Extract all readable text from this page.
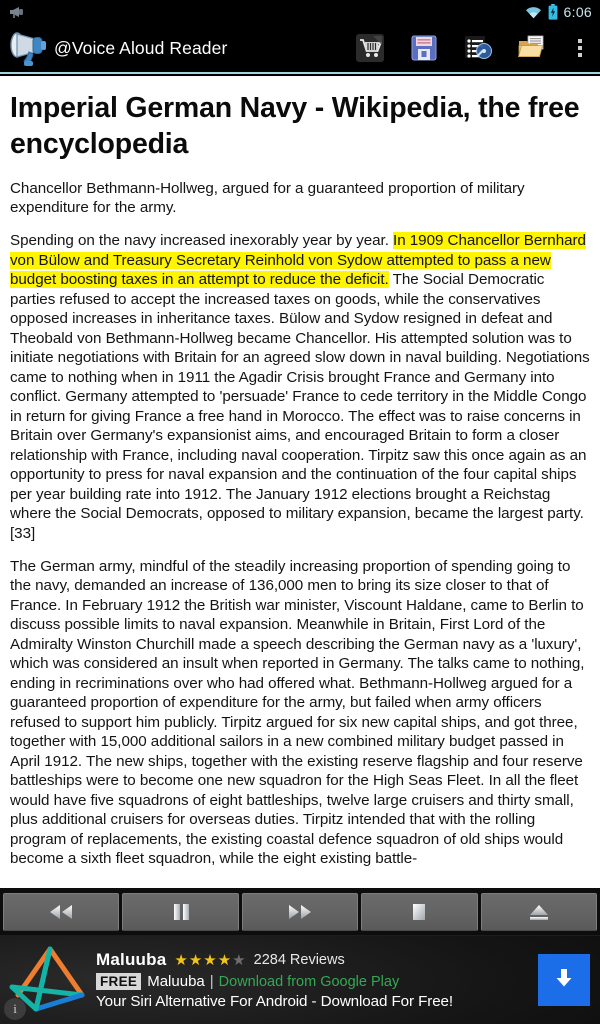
6:06
@Voice Aloud Reader
Imperial German Navy - Wikipedia, the free encyclopedia

Chancellor Bethmann-Hollweg, argued for a guaranteed proportion of military expenditure for the army.

Spending on the navy increased inexorably year by year. In 1909 Chancellor Bernhard von Bülow and Treasury Secretary Reinhold von Sydow attempted to pass a new budget boosting taxes in an attempt to reduce the deficit. The Social Democratic parties refused to accept the increased taxes on goods, while the conservatives opposed increases in inheritance taxes. Bülow and Sydow resigned in defeat and Theobald von Bethmann-Hollweg became Chancellor. His attempted solution was to initiate negotiations with Britain for an agreed slow down in naval building. Negotiations came to nothing when in 1911 the Agadir Crisis brought France and Germany into conflict. Germany attempted to 'persuade' France to cede territory in the Middle Congo in return for giving France a free hand in Morocco. The effect was to raise concerns in Britain over Germany's expansionist aims, and encouraged Britain to form a closer relationship with France, including naval cooperation. Tirpitz saw this once again as an opportunity to press for naval expansion and the continuation of the four capital ships per year building rate into 1912. The January 1912 elections brought a Reichstag where the Social Democrats, opposed to military expansion, became the largest party.[33]

The German army, mindful of the steadily increasing proportion of spending going to the navy, demanded an increase of 136,000 men to bring its size closer to that of France. In February 1912 the British war minister, Viscount Haldane, came to Berlin to discuss possible limits to naval expansion. Meanwhile in Britain, First Lord of the Admiralty Winston Churchill made a speech describing the German navy as a 'luxury', which was considered an insult when reported in Germany. The talks came to nothing, ending in recriminations over who had offered what. Bethmann-Hollweg argued for a guaranteed proportion of expenditure for the army, but failed when army officers refused to support him publicly. Tirpitz argued for six new capital ships, and got three, together with 15,000 additional sailors in a new combined military budget passed in April 1912. The new ships, together with the existing reserve flagship and four reserve battleships were to become one new squadron for the High Seas Fleet. In all the fleet would have five squadrons of eight battleships, twelve large cruisers and thirty small, plus additional cruisers for overseas duties. Tirpitz intended that with the rolling program of replacements, the existing coastal defence squadron of old ships would become a sixth fleet squadron, while the eight existing battle-

Maluuba ★ ★ ★ ★ ★ 2284 Reviews
FREE Maluuba | Download from Google Play
Your Siri Alternative For Android - Download For Free!
i
